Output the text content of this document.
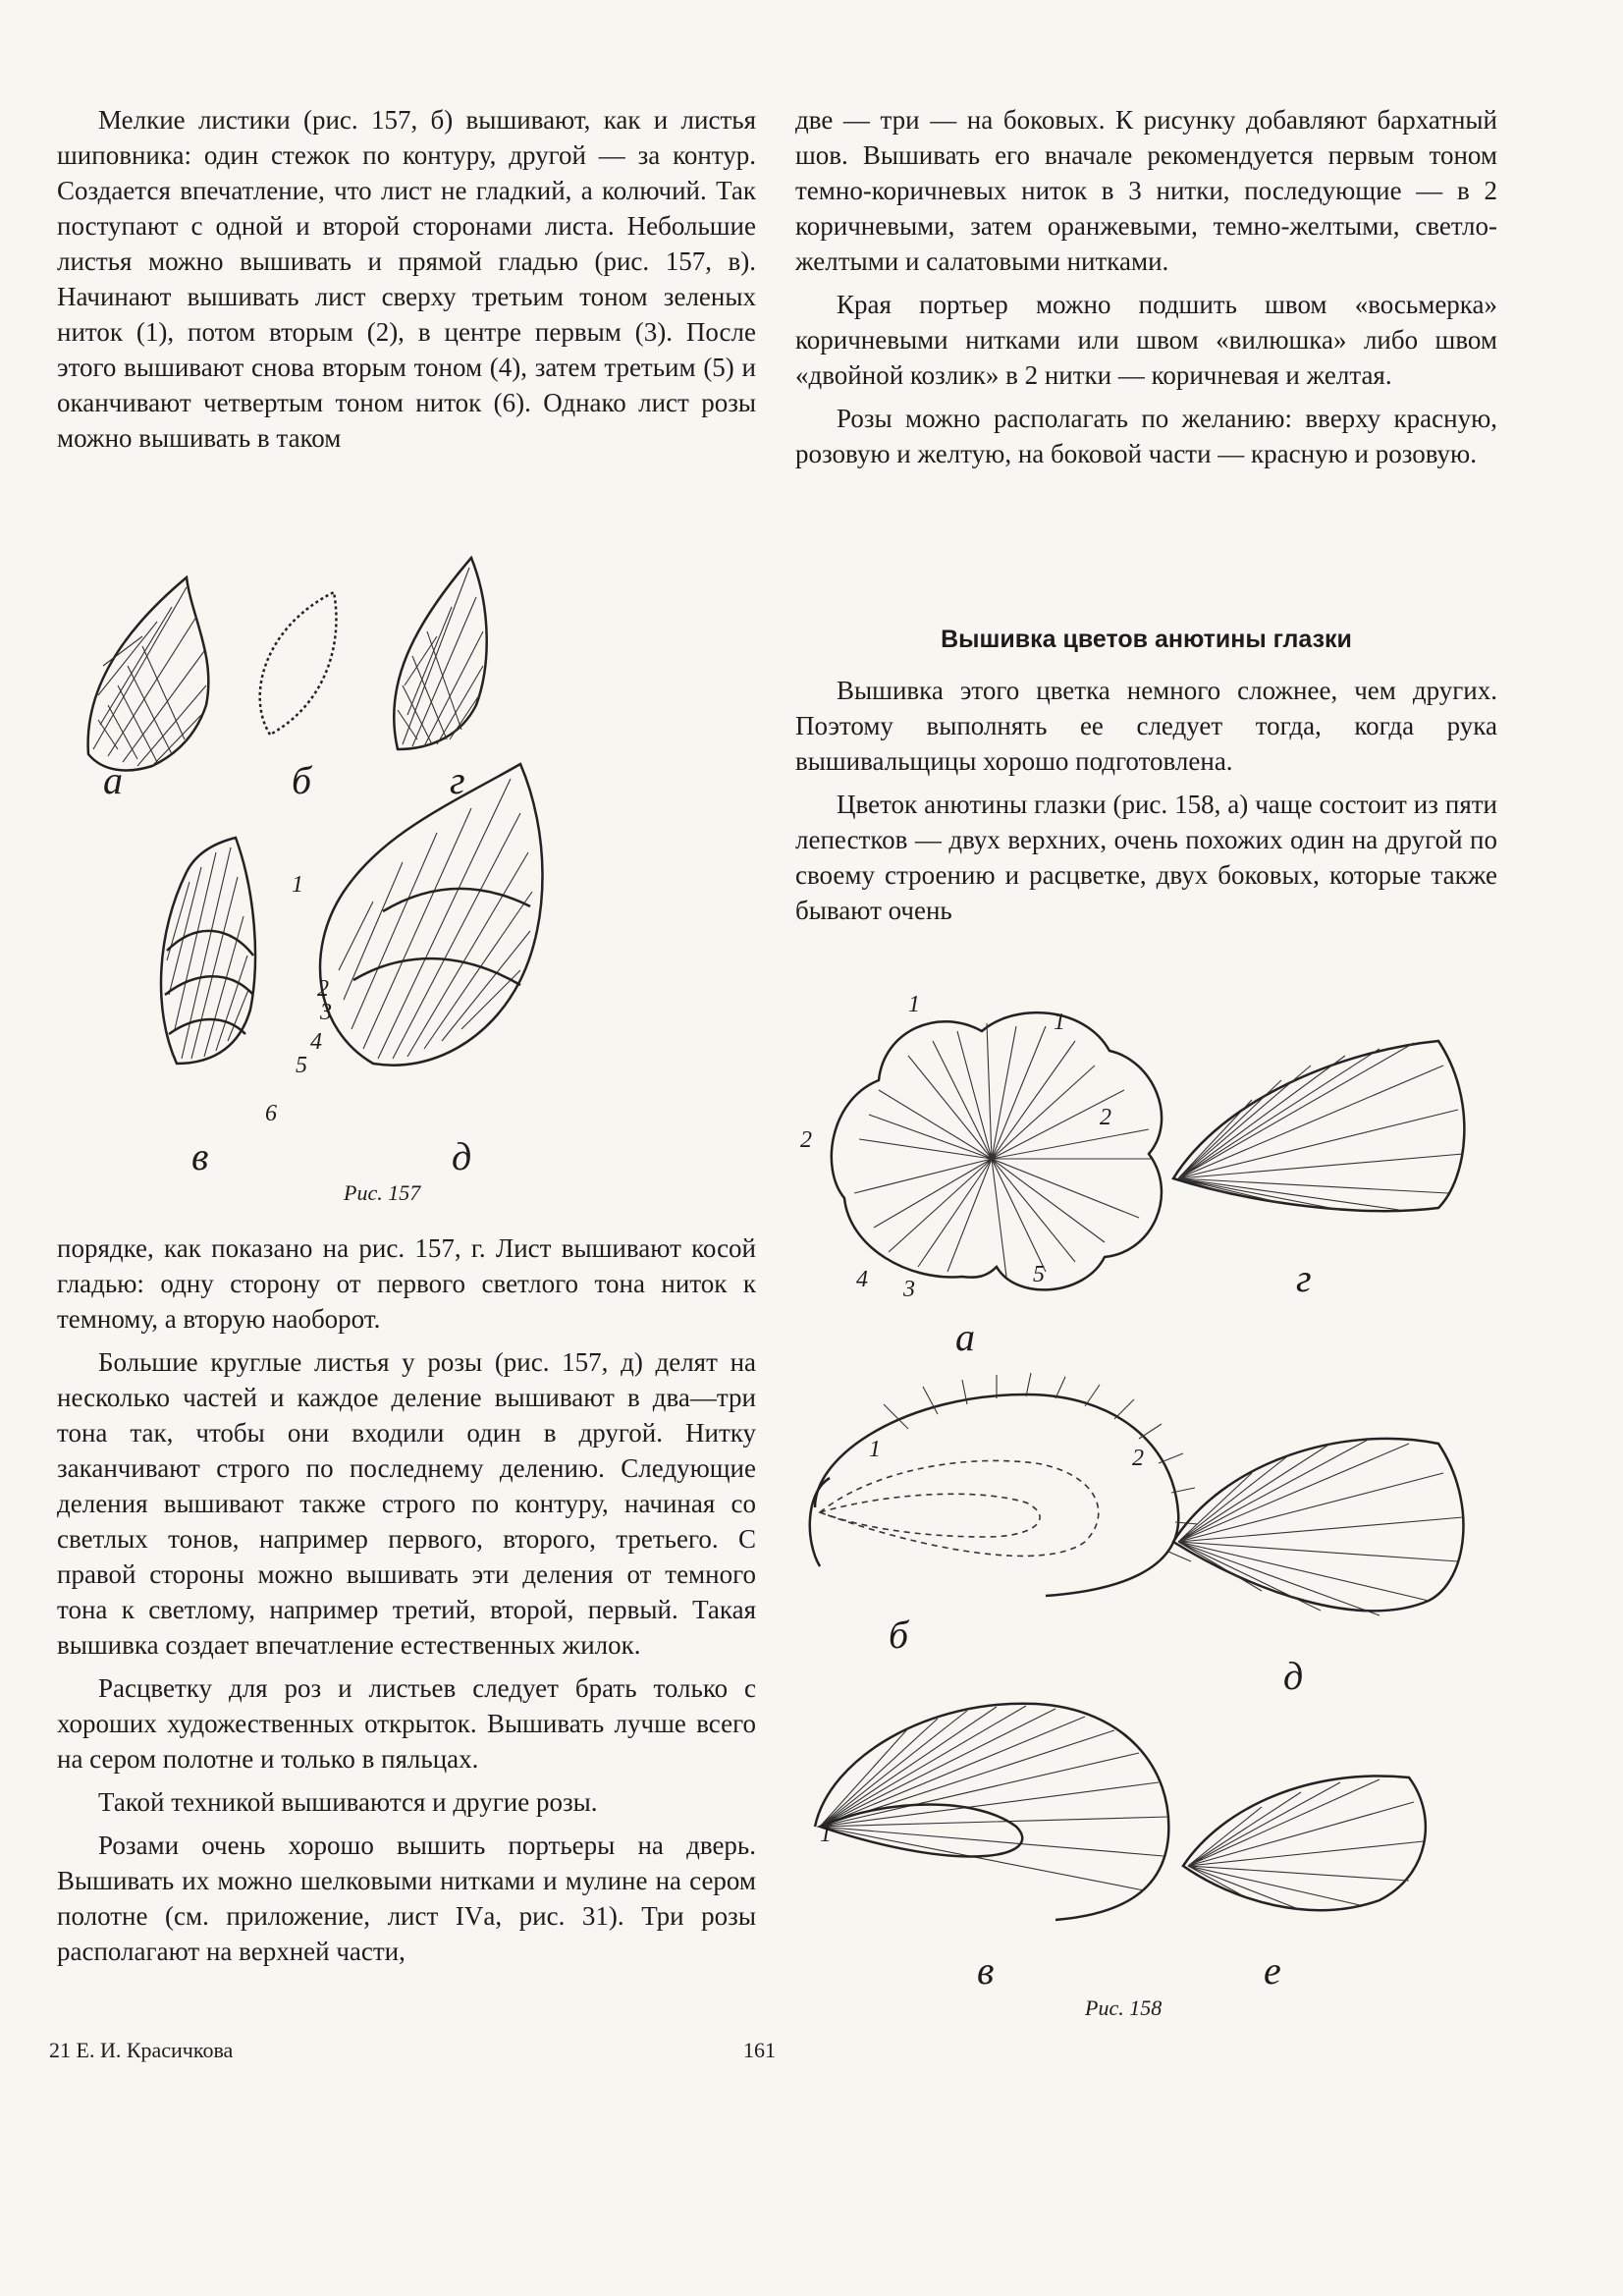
Мелкие листики (рис. 157, б) вышивают, как и листья шиповника: один стежок по контуру, другой — за контур. Создается впечатление, что лист не гладкий, а колючий. Так поступают с одной и второй сторонами листа. Небольшие листья можно вышивать и прямой гладью (рис. 157, в). Начинают вышивать лист сверху третьим тоном зеленых ниток (1), потом вторым (2), в центре первым (3). После этого вышивают снова вторым тоном (4), затем третьим (5) и оканчивают четвертым тоном ниток (6). Однако лист розы можно вышивать в таком

а	б	г
в	д
1
2
3
4
5
6
Рис. 157

порядке, как показано на рис. 157, г. Лист вышивают косой гладью: одну сторону от первого светлого тона ниток к темному, а вторую наоборот.

Большие круглые листья у розы (рис. 157, д) делят на несколько частей и каждое деление вышивают в два—три тона так, чтобы они входили один в другой. Нитку заканчивают строго по последнему делению. Следующие деления вышивают также строго по контуру, начиная со светлых тонов, например первого, второго, третьего. С правой стороны можно вышивать эти деления от темного тона к светлому, например третий, второй, первый. Такая вышивка создает впечатление естественных жилок.

Расцветку для роз и листьев следует брать только с хороших художественных открыток. Вышивать лучше всего на сером полотне и только в пяльцах.

Такой техникой вышиваются и другие розы.

Розами очень хорошо вышить портьеры на дверь. Вышивать их можно шелковыми нитками и мулине на сером полотне (см. приложение, лист IVа, рис. 31). Три розы располагают на верхней части,

две — три — на боковых. К рисунку добавляют бархатный шов. Вышивать его вначале рекомендуется первым тоном темно-коричневых ниток в 3 нитки, последующие — в 2 коричневыми, затем оранжевыми, темно-желтыми, светло-желтыми и салатовыми нитками.

Края портьер можно подшить швом «восьмерка» коричневыми нитками или швом «вилюшка» либо швом «двойной козлик» в 2 нитки — коричневая и желтая.

Розы можно располагать по желанию: вверху красную, розовую и желтую, на боковой части — красную и розовую.

Вышивка цветов анютины глазки

Вышивка этого цветка немного сложнее, чем других. Поэтому выполнять ее следует тогда, когда рука вышивальщицы хорошо подготовлена.

Цветок анютины глазки (рис. 158, а) чаще состоит из пяти лепестков — двух верхних, очень похожих один на другой по своему строению и расцветке, двух боковых, которые также бывают очень

а
г
б
д
в	е
1
1
2
2
3
4	5
1	2
1
Рис. 158
21 Е. И. Красичкова	161
